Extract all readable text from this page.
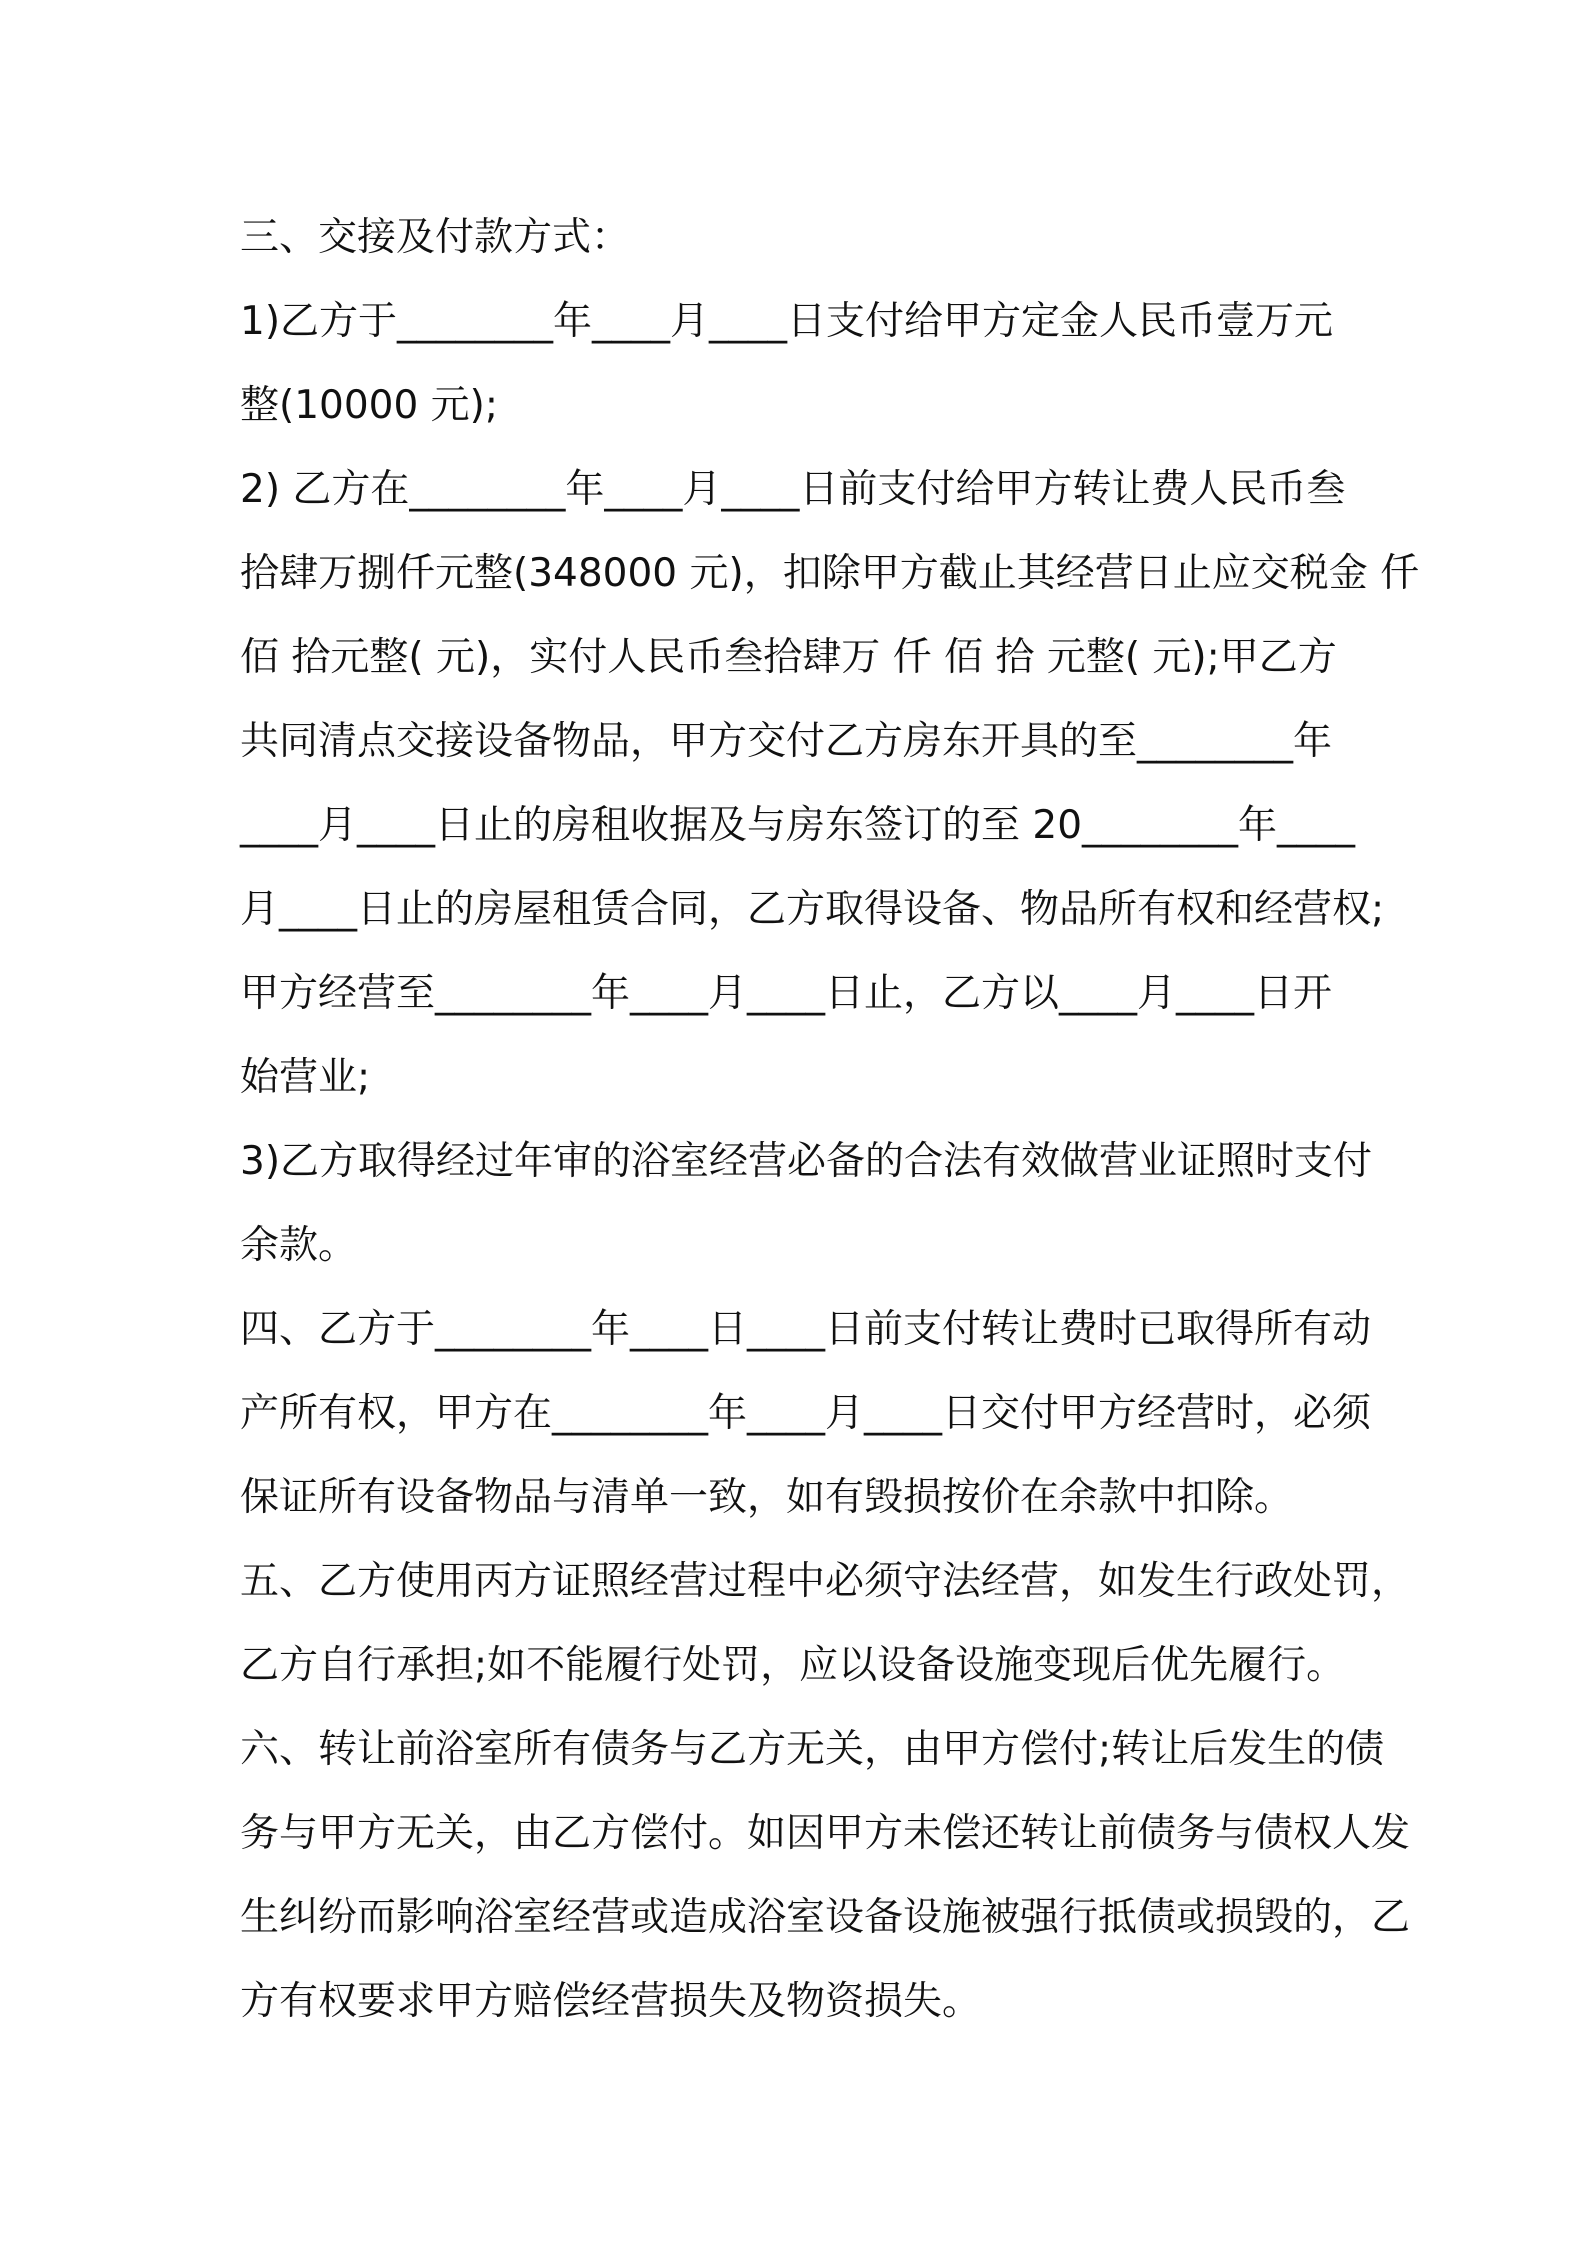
三、交接及付款方式：
1)乙方于________年____月____日支付给甲方定金人民币壹万元
整(10000 元);
2) 乙方在________年____月____日前支付给甲方转让费人民币叁
拾肆万捌仟元整(348000 元)，扣除甲方截止其经营日止应交税金 仟
佰 拾元整( 元)，实付人民币叁拾肆万 仟 佰 拾 元整( 元);甲乙方
共同清点交接设备物品，甲方交付乙方房东开具的至________年
____月____日止的房租收据及与房东签订的至 20________年____
月____日止的房屋租赁合同，乙方取得设备、物品所有权和经营权;
甲方经营至________年____月____日止，乙方以____月____日开
始营业;
3)乙方取得经过年审的浴室经营必备的合法有效做营业证照时支付
余款。
四、乙方于________年____日____日前支付转让费时已取得所有动
产所有权，甲方在________年____月____日交付甲方经营时，必须
保证所有设备物品与清单一致，如有毁损按价在余款中扣除。
五、乙方使用丙方证照经营过程中必须守法经营，如发生行政处罚，
乙方自行承担;如不能履行处罚，应以设备设施变现后优先履行。
六、转让前浴室所有债务与乙方无关，由甲方偿付;转让后发生的债
务与甲方无关，由乙方偿付。如因甲方未偿还转让前债务与债权人发
生纠纷而影响浴室经营或造成浴室设备设施被强行抵债或损毁的，乙
方有权要求甲方赔偿经营损失及物资损失。
